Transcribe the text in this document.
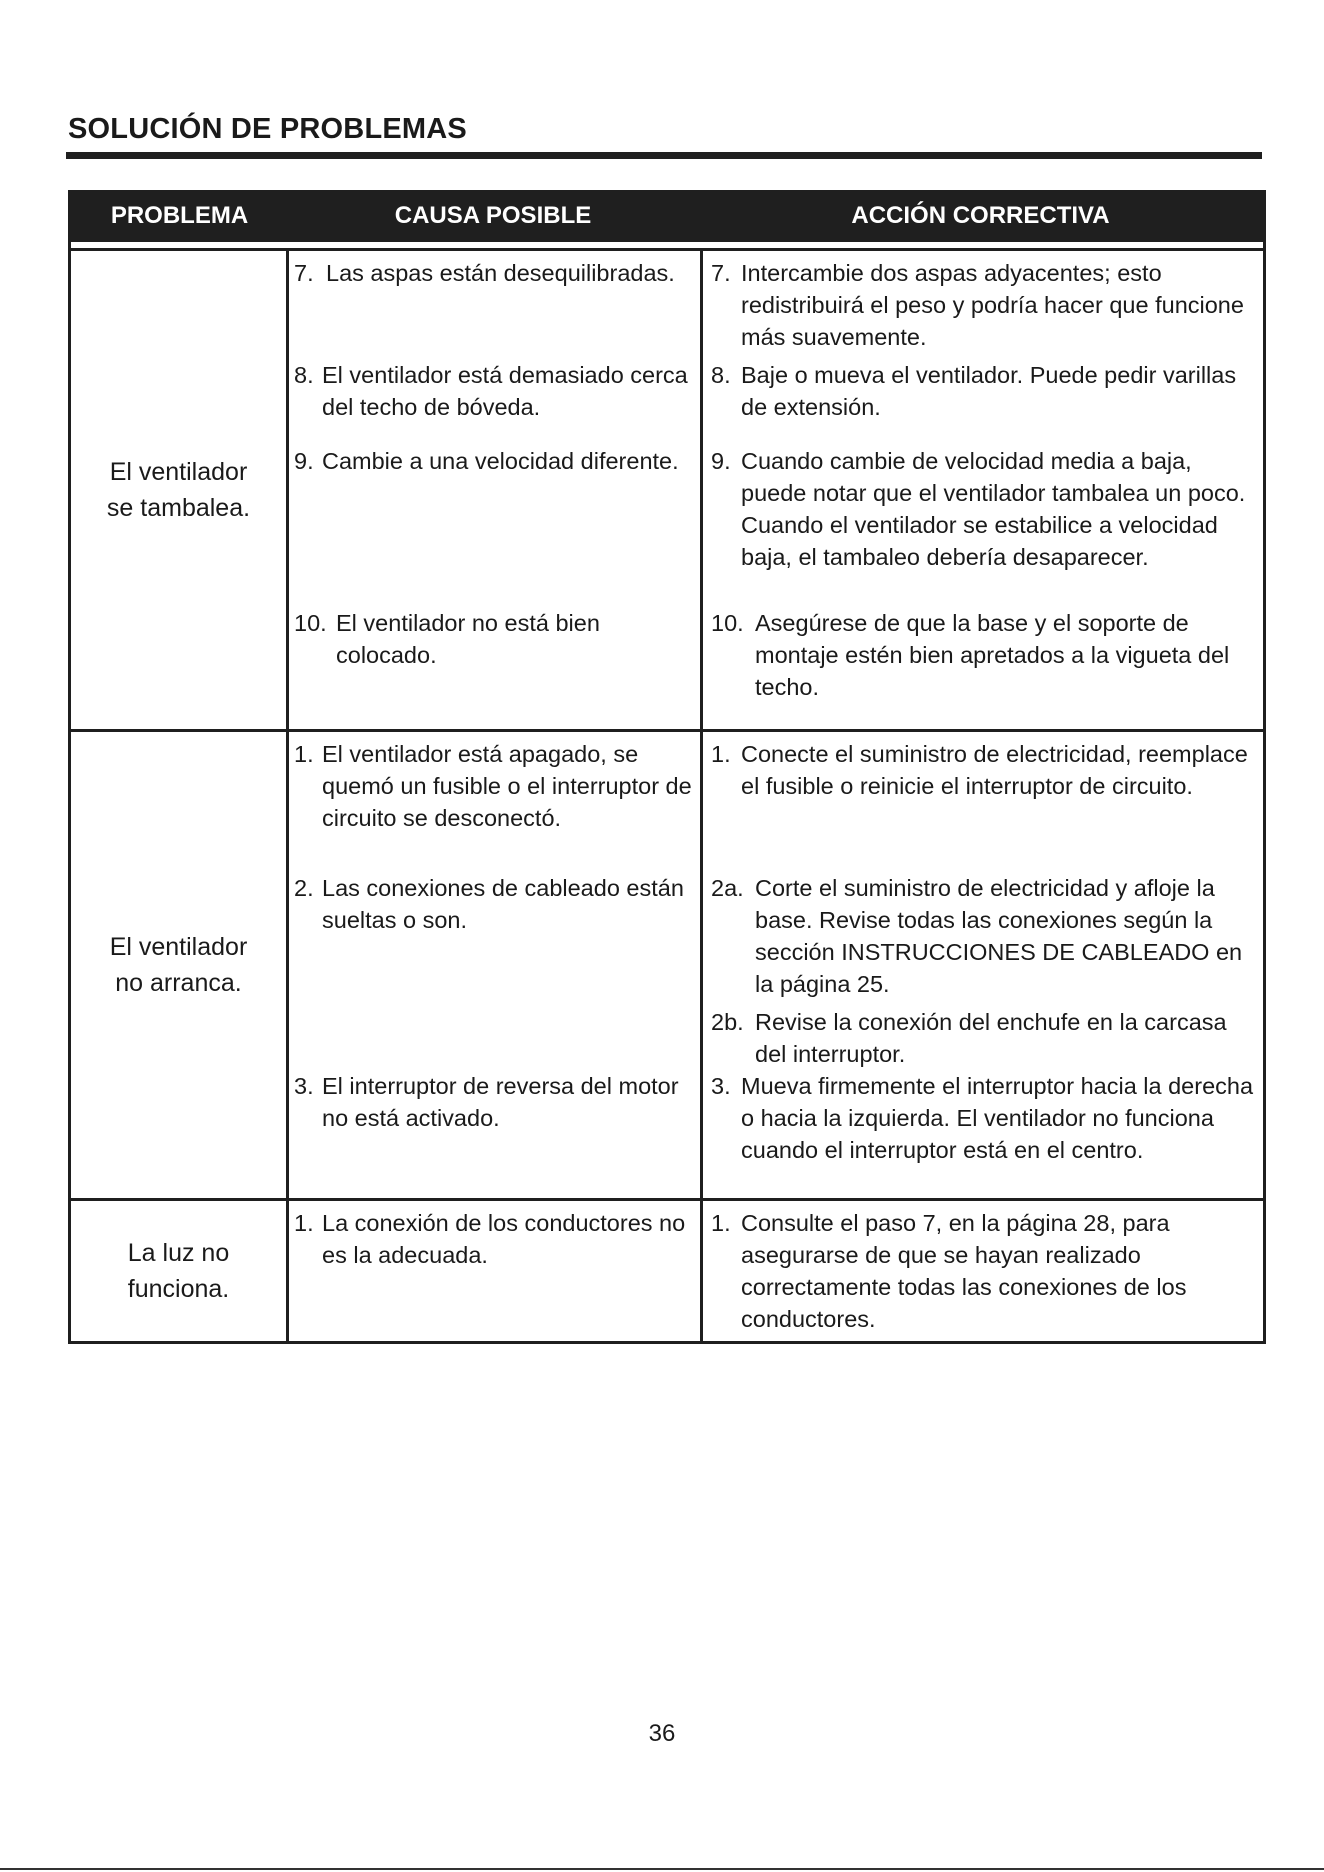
SOLUCIÓN DE PROBLEMAS
PROBLEMA	CAUSA POSIBLE	ACCIÓN CORRECTIVA
El ventilador
se tambalea.
7. Las aspas están desequilibradas.
8. El ventilador está demasiado cerca del techo de bóveda.
9. Cambie a una velocidad diferente.
10. El ventilador no está bien colocado.
7. Intercambie dos aspas adyacentes; esto redistribuirá el peso y podría hacer que funcione más suavemente.
8. Baje o mueva el ventilador. Puede pedir varillas de extensión.
9. Cuando cambie de velocidad media a baja, puede notar que el ventilador tambalea un poco. Cuando el ventilador se estabilice a velocidad baja, el tambaleo debería desaparecer.
10. Asegúrese de que la base y el soporte de montaje estén bien apretados a la vigueta del techo.
El ventilador
no arranca.
1. El ventilador está apagado, se quemó un fusible o el interruptor de circuito se desconectó.
2. Las conexiones de cableado están sueltas o son.
3. El interruptor de reversa del motor no está activado.
1. Conecte el suministro de electricidad, reemplace el fusible o reinicie el interruptor de circuito.
2a. Corte el suministro de electricidad y afloje la base. Revise todas las conexiones según la sección INSTRUCCIONES DE CABLEADO en la página 25.
2b. Revise la conexión del enchufe en la carcasa del interruptor.
3. Mueva firmemente el interruptor hacia la derecha o hacia la izquierda. El ventilador no funciona cuando el interruptor está en el centro.
La luz no
funciona.
1. La conexión de los conductores no es la adecuada.
1. Consulte el paso 7, en la página 28, para asegurarse de que se hayan realizado correctamente todas las conexiones de los conductores.
36
